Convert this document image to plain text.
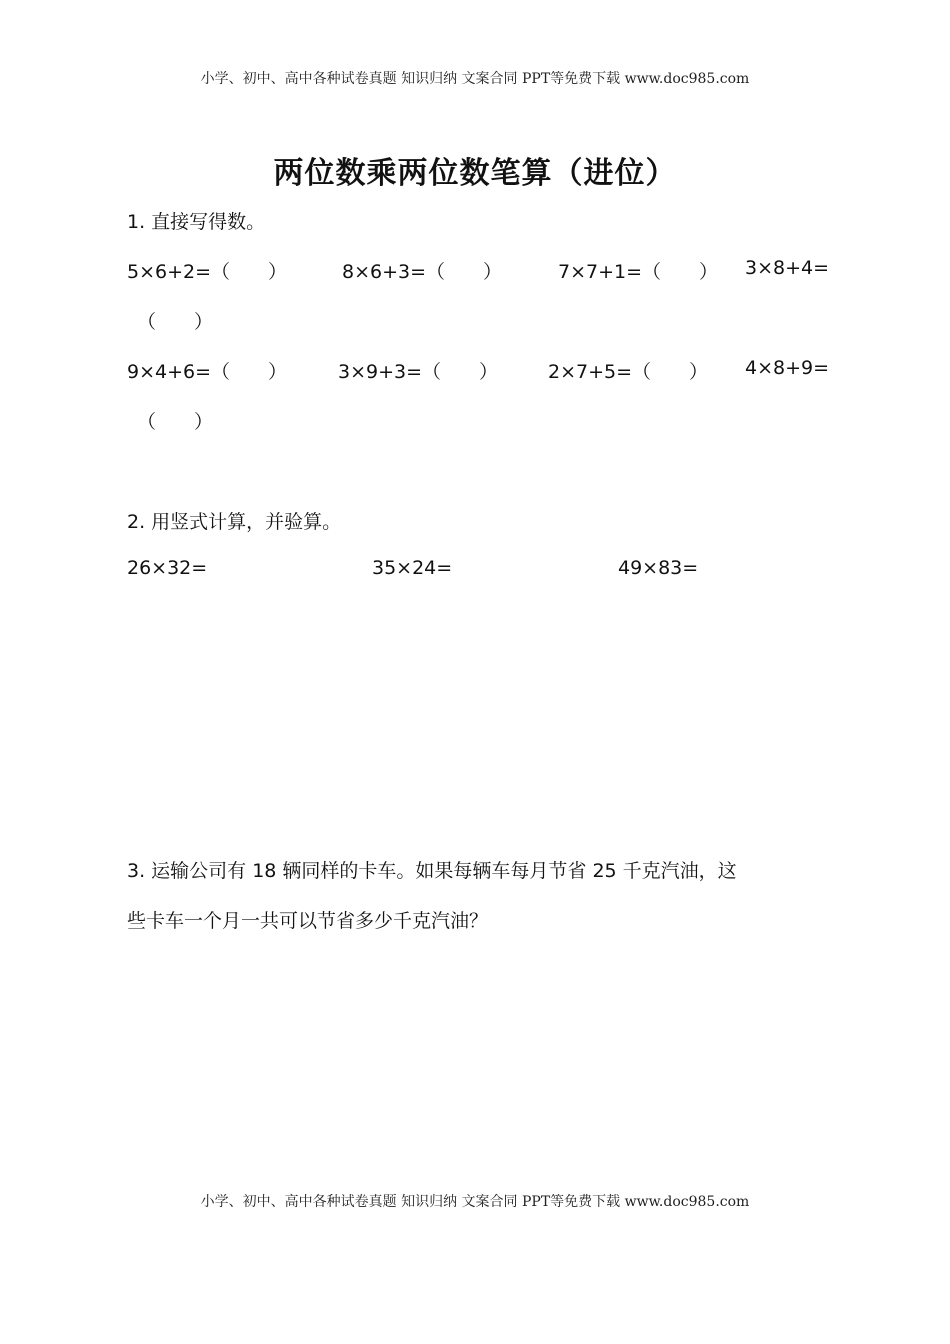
小学、初中、高中各种试卷真题 知识归纳 文案合同 PPT等免费下载 www.doc985.com
两位数乘两位数笔算（进位）
1. 直接写得数。
5×6+2=（　　）	8×6+3=（　　）	7×7+1=（　　） 3×8+4=
（　　）
9×4+6=（　　）	3×9+3=（　　）	2×7+5=（　　） 4×8+9=
（　　）
2. 用竖式计算，并验算。
26×32=	35×24=	49×83=
3. 运输公司有 18 辆同样的卡车。如果每辆车每月节省 25 千克汽油，这
些卡车一个月一共可以节省多少千克汽油？
小学、初中、高中各种试卷真题 知识归纳 文案合同 PPT等免费下载 www.doc985.com
